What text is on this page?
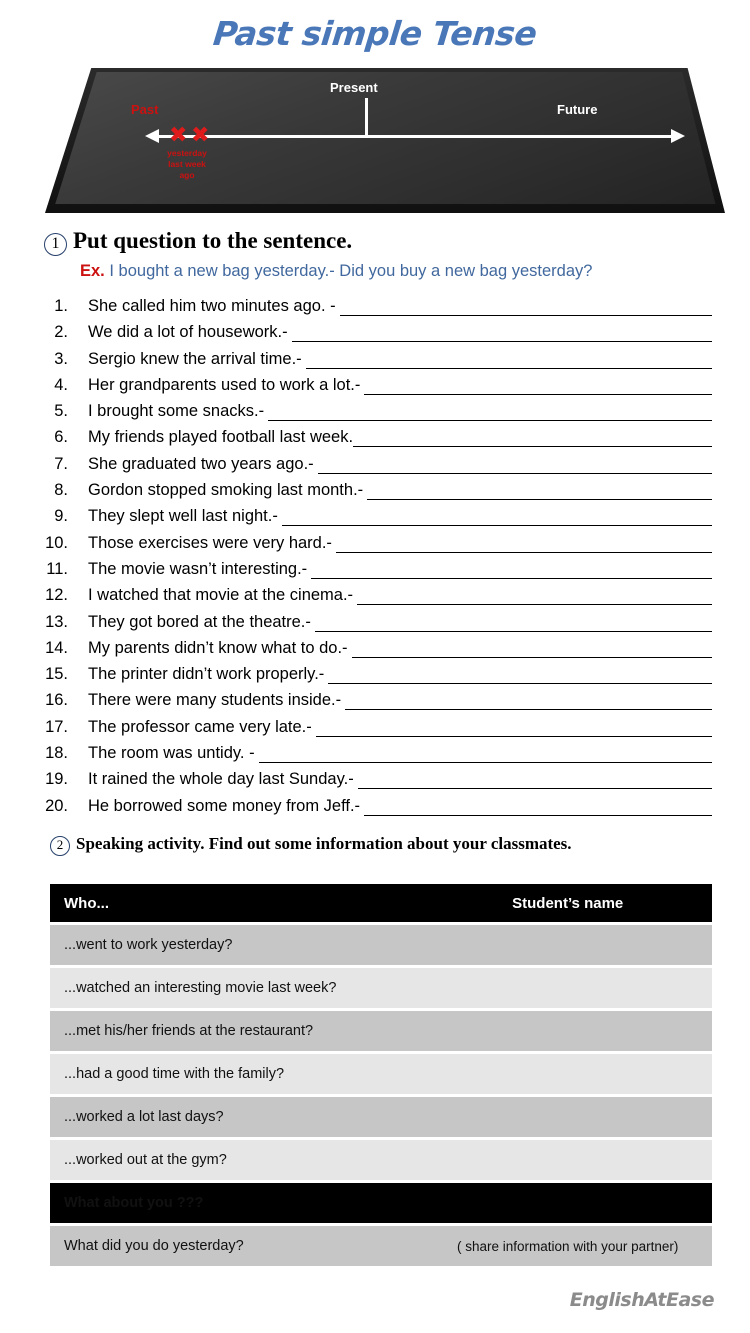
Past simple Tense
Present
Future
Past
✖ ✖
yesterday
last week
ago
1 Put question to the sentence.
Ex. I bought a new bag yesterday.- Did you buy a new bag yesterday?
1. She called him two minutes ago. -
2. We did a lot of housework.-
3. Sergio knew the arrival time.-
4. Her grandparents used to work a lot.-
5. I brought some snacks.-
6. My friends played football last week.
7. She graduated two years ago.-
8. Gordon stopped smoking last month.-
9. They slept well last night.-
10. Those exercises were very hard.-
11. The movie wasn’t interesting.-
12. I watched that movie at the cinema.-
13. They got bored at the theatre.-
14. My parents didn’t know what to do.-
15. The printer didn’t work properly.-
16. There were many students inside.-
17. The professor came very late.-
18. The room was untidy. -
19. It rained the whole day last Sunday.-
20. He borrowed some money from Jeff.-
2 Speaking activity. Find out some information about your classmates.
Who...		Student’s name

...went to work yesterday?		

...watched an interesting movie last week?		

...met his/her friends at the restaurant?		

...had a good time with the family?		

...worked a lot last days?		

...worked out at the gym?		

What about you ???		

What did you do yesterday?		( share information with your partner)
EnglishAtEase
